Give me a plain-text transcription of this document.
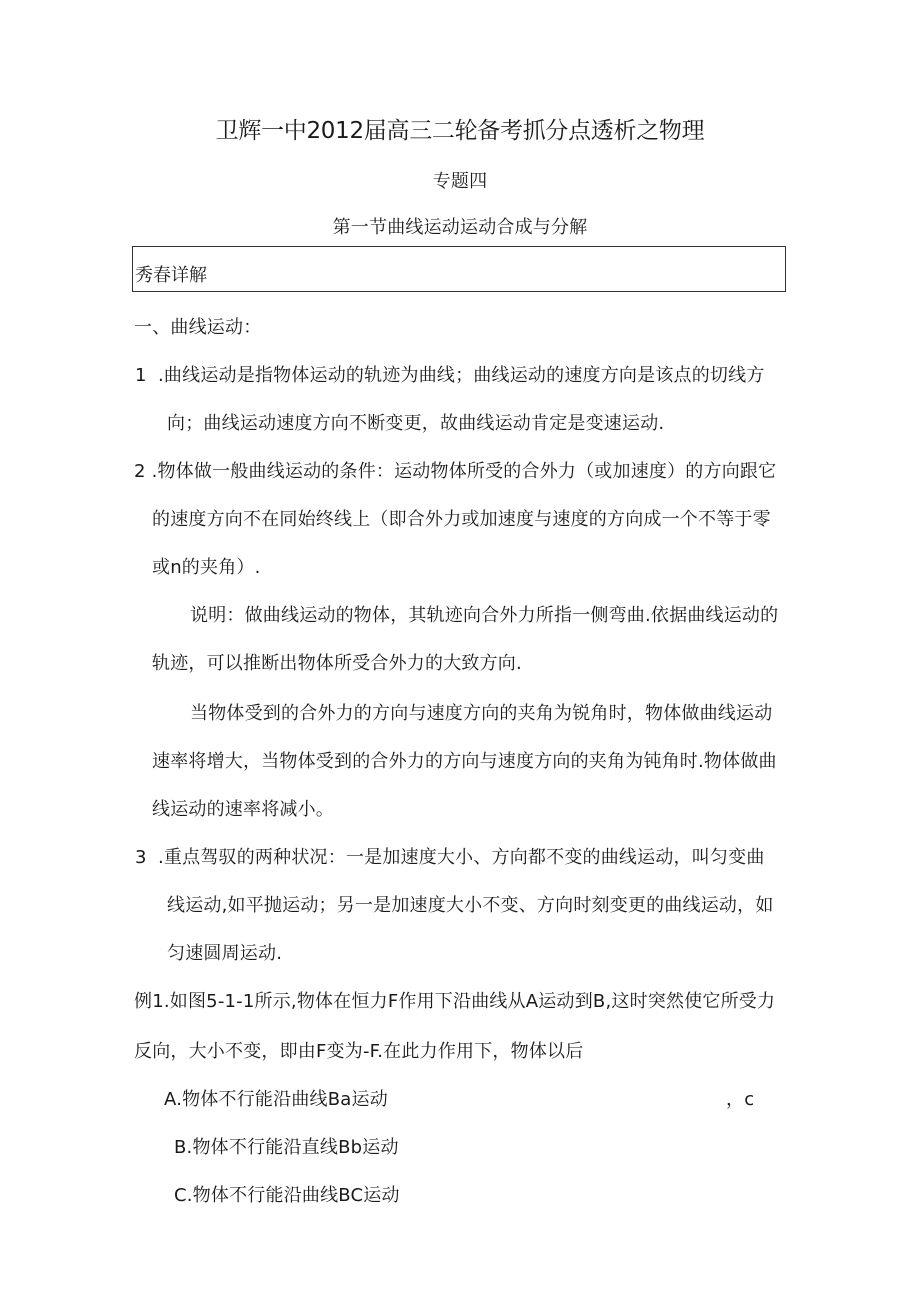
卫辉一中2012届高三二轮备考抓分点透析之物理
专题四
第一节曲线运动运动合成与分解
秀春详解
一、曲线运动：
1 .曲线运动是指物体运动的轨迹为曲线；曲线运动的速度方向是该点的切线方
向；曲线运动速度方向不断变更，故曲线运动肯定是变速运动.
2 .物体做一般曲线运动的条件：运动物体所受的合外力（或加速度）的方向跟它
的速度方向不在同始终线上（即合外力或加速度与速度的方向成一个不等于零
或n的夹角）.
说明：做曲线运动的物体，其轨迹向合外力所指一侧弯曲.依据曲线运动的
轨迹，可以推断出物体所受合外力的大致方向.
当物体受到的合外力的方向与速度方向的夹角为锐角时，物体做曲线运动
速率将增大，当物体受到的合外力的方向与速度方向的夹角为钝角时.物体做曲
线运动的速率将减小。
3 .重点驾驭的两种状况：一是加速度大小、方向都不变的曲线运动，叫匀变曲
线运动,如平抛运动；另一是加速度大小不变、方向时刻变更的曲线运动，如
匀速圆周运动.
例1.如图5-1-1所示,物体在恒力F作用下沿曲线从A运动到B,这时突然使它所受力
反向，大小不变，即由F变为-F.在此力作用下，物体以后
A.物体不行能沿曲线Ba运动	，c
B.物体不行能沿直线Bb运动
C.物体不行能沿曲线BC运动
